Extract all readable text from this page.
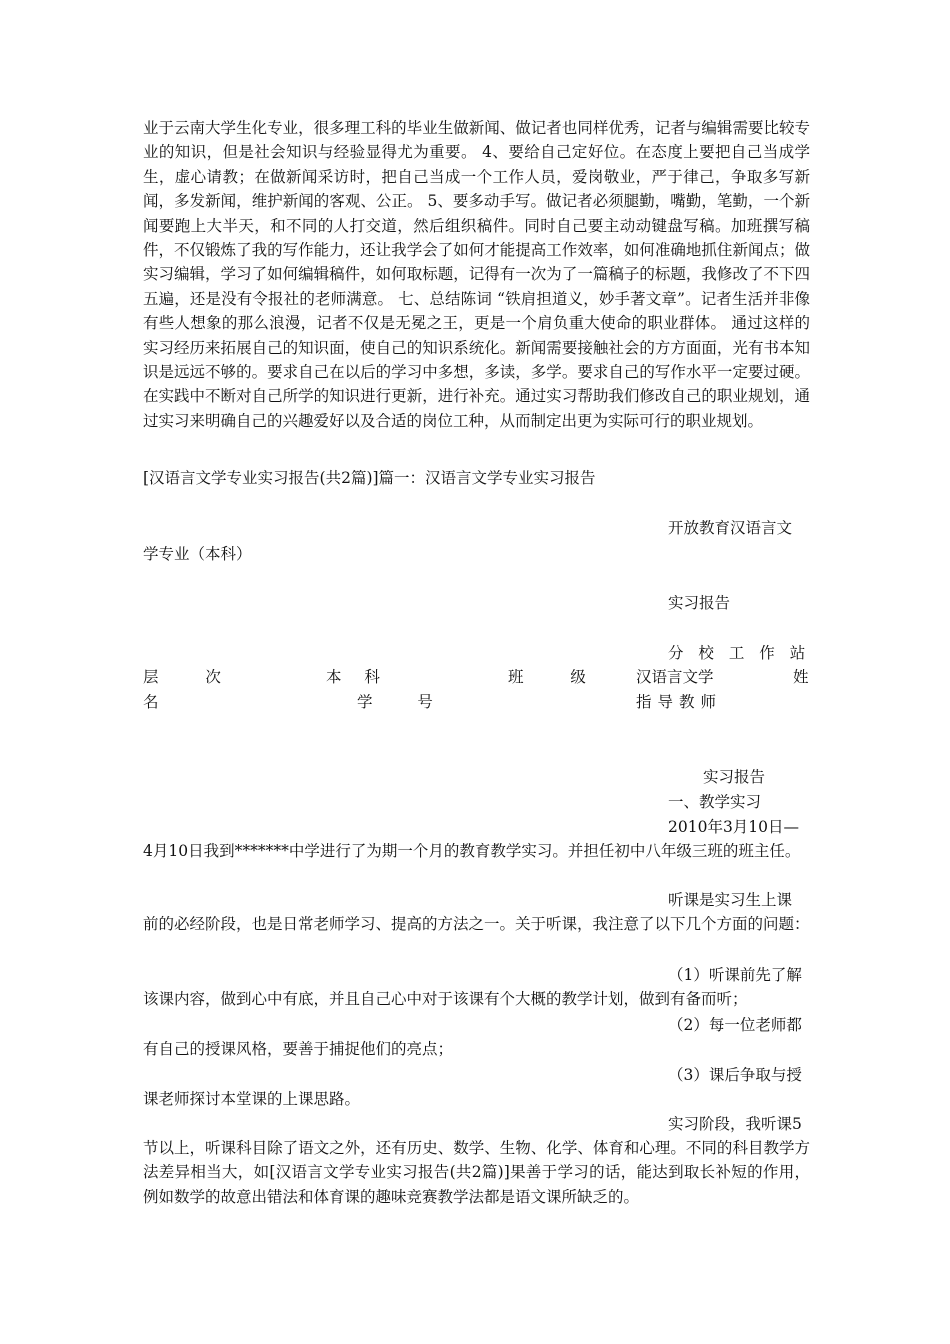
业于云南大学生化专业，很多理工科的毕业生做新闻、做记者也同样优秀，记者与编辑需要比较专业的知识，但是社会知识与经验显得尤为重要。 4、要给自己定好位。在态度上要把自己当成学生，虚心请教；在做新闻采访时，把自己当成一个工作人员，爱岗敬业，严于律己，争取多写新闻，多发新闻，维护新闻的客观、公正。 5、要多动手写。做记者必须腿勤，嘴勤，笔勤，一个新闻要跑上大半天，和不同的人打交道，然后组织稿件。同时自己要主动动键盘写稿。加班撰写稿件，不仅锻炼了我的写作能力，还让我学会了如何才能提高工作效率，如何准确地抓住新闻点；做实习编辑，学习了如何编辑稿件，如何取标题，记得有一次为了一篇稿子的标题，我修改了不下四五遍，还是没有令报社的老师满意。 七、总结陈词 “铁肩担道义，妙手著文章”。记者生活并非像有些人想象的那么浪漫，记者不仅是无冕之王，更是一个肩负重大使命的职业群体。 通过这样的实习经历来拓展自己的知识面，使自己的知识系统化。新闻需要接触社会的方方面面，光有书本知识是远远不够的。要求自己在以后的学习中多想，多读，多学。要求自己的写作水平一定要过硬。 在实践中不断对自己所学的知识进行更新，进行补充。通过实习帮助我们修改自己的职业规划，通过实习来明确自己的兴趣爱好以及合适的岗位工种，从而制定出更为实际可行的职业规划。

[汉语言文学专业实习报告(共2篇)]篇一：汉语言文学专业实习报告
开放教育汉语言文
学专业（本科）
实习报告
分 校 工 作 站
层 次	本 科	班 级	汉语言文学	姓
名	学 号	指导教师
实习报告
一、教学实习
2010年3月10日—

4月10日我到*******中学进行了为期一个月的教育教学实习。并担任初中八年级三班的班主任。

听课是实习生上课

前的必经阶段，也是日常老师学习、提高的方法之一。关于听课，我注意了以下几个方面的问题：

（1）听课前先了解

该课内容，做到心中有底，并且自己心中对于该课有个大概的教学计划，做到有备而听；

（2）每一位老师都

有自己的授课风格，要善于捕捉他们的亮点；

（3）课后争取与授

课老师探讨本堂课的上课思路。

实习阶段，我听课5

节以上，听课科目除了语文之外，还有历史、数学、生物、化学、体育和心理。不同的科目教学方法差异相当大，如[汉语言文学专业实习报告(共2篇)]果善于学习的话，能达到取长补短的作用，例如数学的故意出错法和体育课的趣味竞赛教学法都是语文课所缺乏的。
